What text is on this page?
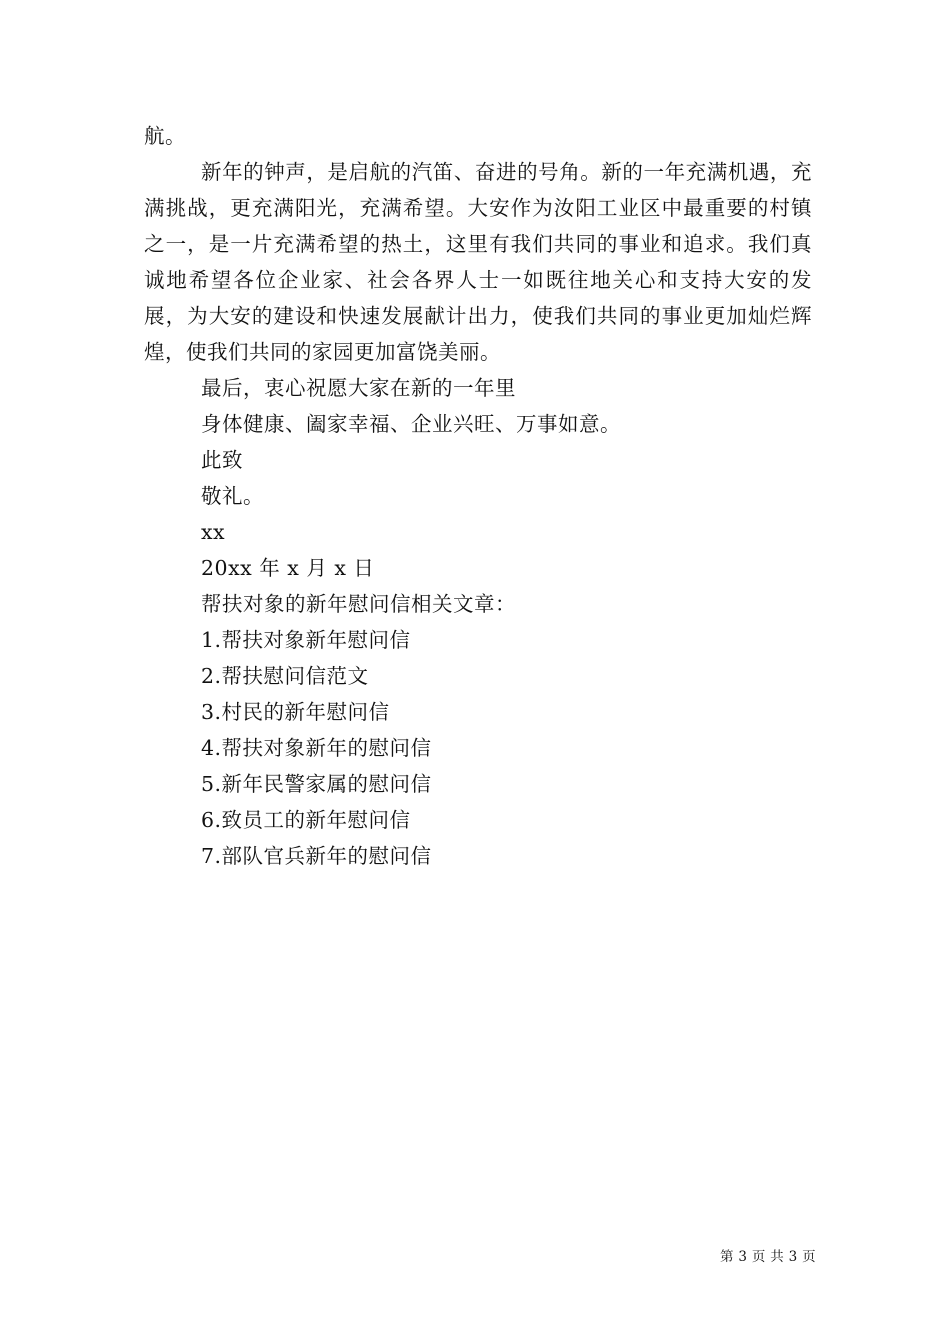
航。

新年的钟声，是启航的汽笛、奋进的号角。新的一年充满机遇，充满挑战，更充满阳光，充满希望。大安作为汝阳工业区中最重要的村镇之一，是一片充满希望的热土，这里有我们共同的事业和追求。我们真诚地希望各位企业家、社会各界人士一如既往地关心和支持大安的发展，为大安的建设和快速发展献计出力，使我们共同的事业更加灿烂辉煌，使我们共同的家园更加富饶美丽。

最后，衷心祝愿大家在新的一年里

身体健康、阖家幸福、企业兴旺、万事如意。

此致

敬礼。

xx

20xx 年 x 月 x 日

帮扶对象的新年慰问信相关文章：

1.帮扶对象新年慰问信
2.帮扶慰问信范文
3.村民的新年慰问信
4.帮扶对象新年的慰问信
5.新年民警家属的慰问信
6.致员工的新年慰问信
7.部队官兵新年的慰问信
第 3 页 共 3 页
